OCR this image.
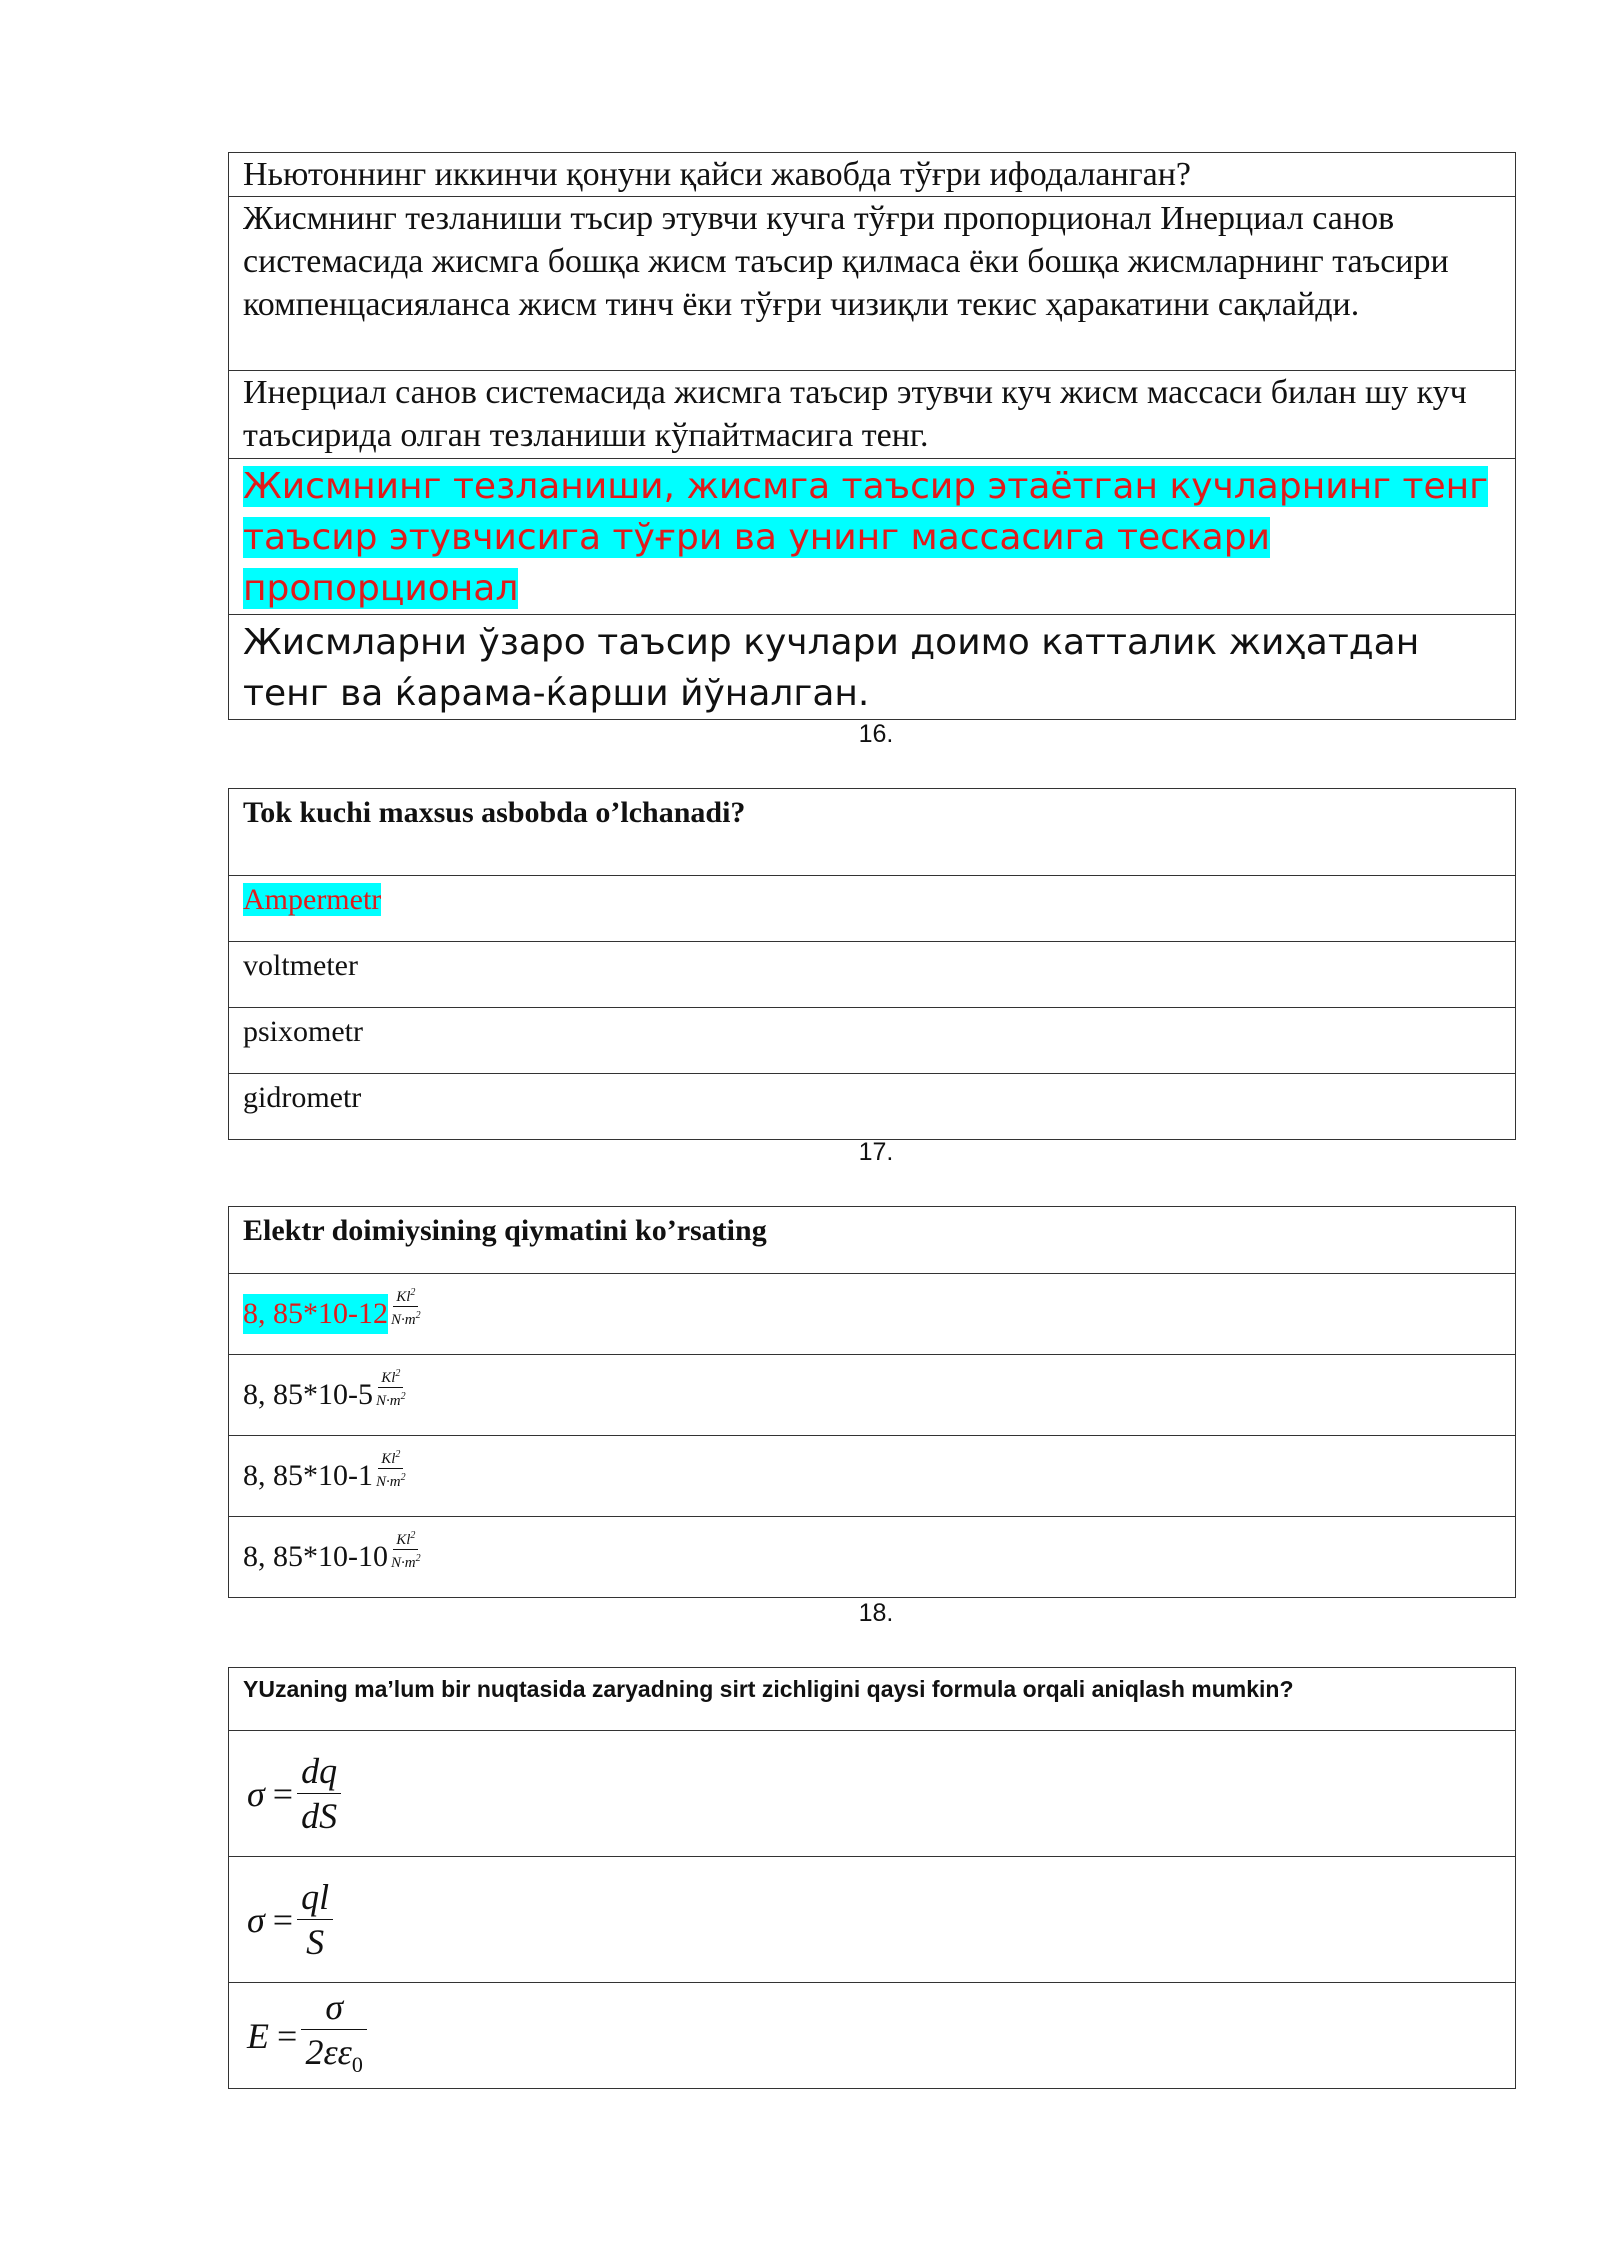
Ньютоннинг иккинчи қонуни қайси жавобда тўғри ифодаланган?
Жисмнинг тезланиши тъсир этувчи кучга тўғри пропорционал Инерциал санов системасида жисмга бошқа жисм таъсир қилмаса ёки бошқа жисмларнинг таъсири компенцасияланса жисм тинч ёки тўғри чизиқли текис ҳаракатини сақлайди.
Инерциал санов системасида жисмга таъсир этувчи куч жисм массаси билан шу куч таъсирида олган тезланиши кўпайтмасига тенг.
Жисмнинг тезланиши, жисмга таъсир этаётган кучларнинг тенг таъсир этувчисига тўғри ва унинг массасига тескари пропорционал
Жисмларни ўзаро таъсир кучлари доимо катталик жиҳатдан тенг ва ќарама-ќарши йўналган.
16.
Tok kuchi maxsus asbobda o’lchanadi?
Ampermetr
voltmeter
psixometr
gidrometr
17.
Elektr doimiysining qiymatini ko’rsating

8, 85*10-12
Kl$^2$
$N\cdot m^2$

8, 85*10-5
Kl$^2$
$N\cdot m^2$

8, 85*10-1
Kl$^2$
$N\cdot m^2$

8, 85*10-10
Kl$^2$
$N\cdot m^2$
18.
YUzaning ma’lum bir nuqtasida zaryadning sirt zichligini qaysi formula orqali aniqlash mumkin?

$\sigma = \frac{dq}{dS}$

$\sigma = \frac{ql}{S}$

$E = \frac{\sigma}{2\varepsilon\varepsilon_0}$
